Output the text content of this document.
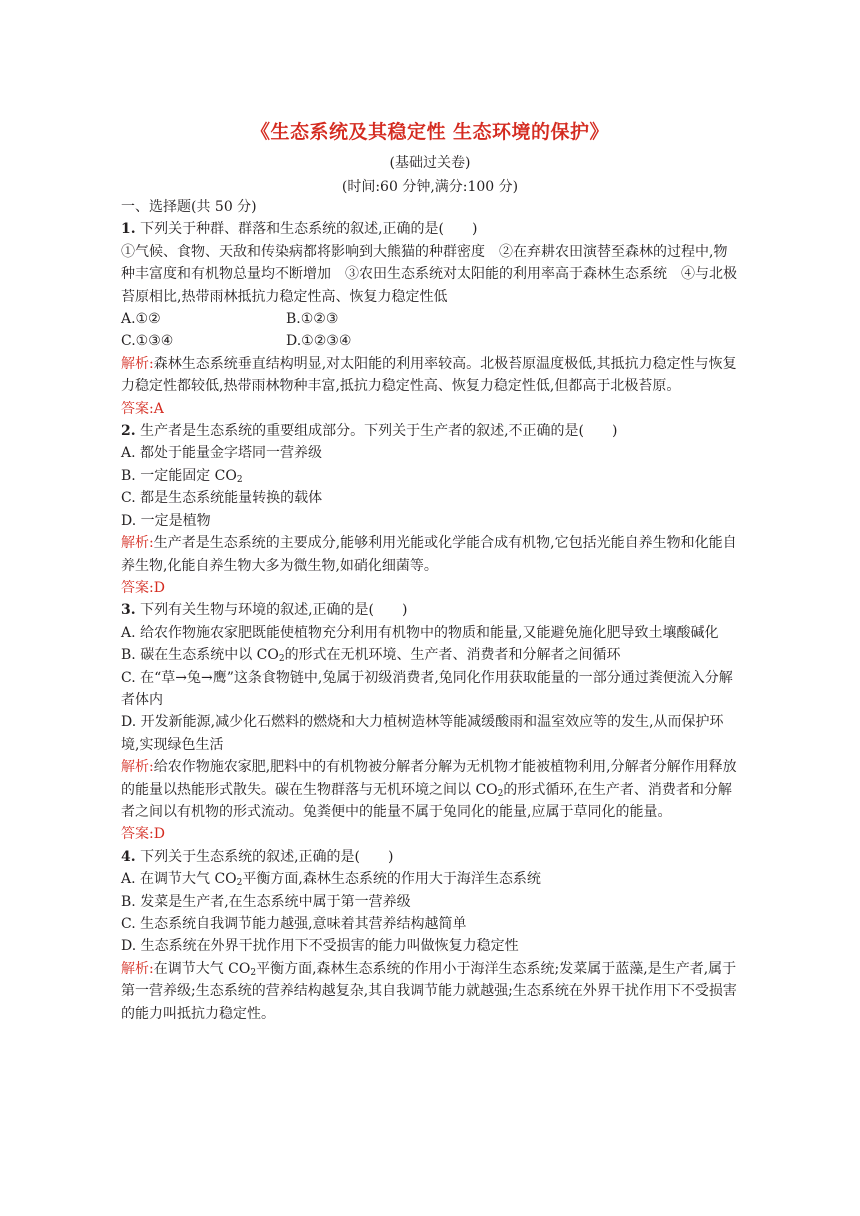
《生态系统及其稳定性 生态环境的保护》
(基础过关卷)
(时间:60 分钟,满分:100 分)

一、选择题(共 50 分)

1. 下列关于种群、群落和生态系统的叙述,正确的是(　　)

①气候、食物、天敌和传染病都将影响到大熊猫的种群密度　②在弃耕农田演替至森林的过程中,物种丰富度和有机物总量均不断增加　③农田生态系统对太阳能的利用率高于森林生态系统　④与北极苔原相比,热带雨林抵抗力稳定性高、恢复力稳定性低

A.①②	B.①②③

C.①③④	D.①②③④

解析:森林生态系统垂直结构明显,对太阳能的利用率较高。北极苔原温度极低,其抵抗力稳定性与恢复力稳定性都较低,热带雨林物种丰富,抵抗力稳定性高、恢复力稳定性低,但都高于北极苔原。

答案:A

2. 生产者是生态系统的重要组成部分。下列关于生产者的叙述,不正确的是(　　)

A. 都处于能量金字塔同一营养级

B. 一定能固定 $CO_2$

C. 都是生态系统能量转换的载体

D. 一定是植物

解析:生产者是生态系统的主要成分,能够利用光能或化学能合成有机物,它包括光能自养生物和化能自养生物,化能自养生物大多为微生物,如硝化细菌等。

答案:D

3. 下列有关生物与环境的叙述,正确的是(　　)

A. 给农作物施农家肥既能使植物充分利用有机物中的物质和能量,又能避免施化肥导致土壤酸碱化

B. 碳在生态系统中以 $CO_2$的形式在无机环境、生产者、消费者和分解者之间循环

C. 在“草→兔→鹰”这条食物链中,兔属于初级消费者,兔同化作用获取能量的一部分通过粪便流入分解者体内

D. 开发新能源,减少化石燃料的燃烧和大力植树造林等能减缓酸雨和温室效应等的发生,从而保护环境,实现绿色生活

解析:给农作物施农家肥,肥料中的有机物被分解者分解为无机物才能被植物利用,分解者分解作用释放的能量以热能形式散失。碳在生物群落与无机环境之间以 $CO_2$的形式循环,在生产者、消费者和分解者之间以有机物的形式流动。兔粪便中的能量不属于兔同化的能量,应属于草同化的能量。

答案:D

4. 下列关于生态系统的叙述,正确的是(　　)

A. 在调节大气 $CO_2$平衡方面,森林生态系统的作用大于海洋生态系统

B. 发菜是生产者,在生态系统中属于第一营养级

C. 生态系统自我调节能力越强,意味着其营养结构越简单

D. 生态系统在外界干扰作用下不受损害的能力叫做恢复力稳定性

解析:在调节大气 $CO_2$平衡方面,森林生态系统的作用小于海洋生态系统;发菜属于蓝藻,是生产者,属于第一营养级;生态系统的营养结构越复杂,其自我调节能力就越强;生态系统在外界干扰作用下不受损害的能力叫抵抗力稳定性。
